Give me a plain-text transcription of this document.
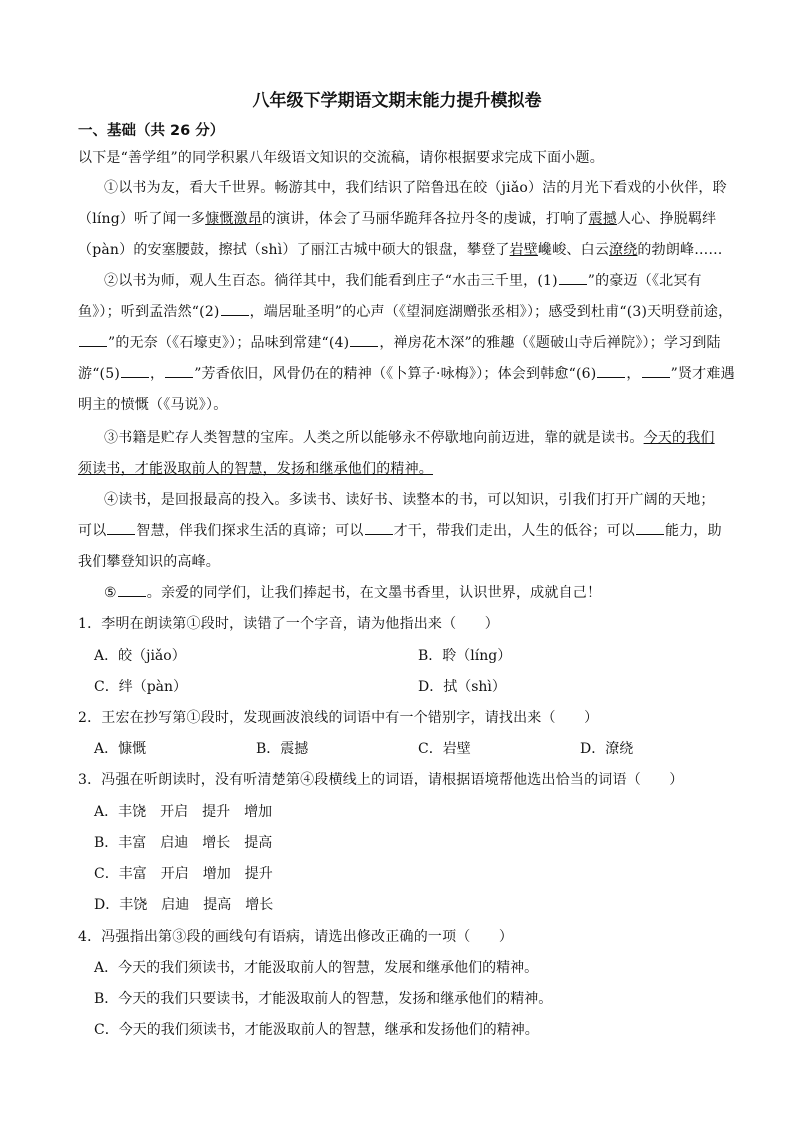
八年级下学期语文期末能力提升模拟卷
一、基础（共 26 分）
以下是“善学组”的同学积累八年级语文知识的交流稿，请你根据要求完成下面小题。
①以书为友，看大千世界。畅游其中，我们结识了陪鲁迅在皎（jiǎo）洁的月光下看戏的小伙伴，聆
（líng）听了闻一多慷慨激昂的演讲，体会了马丽华跪拜各拉丹冬的虔诚，打响了震撼人心、挣脱羁绊
（pàn）的安塞腰鼓，擦拭（shì）了丽江古城中硕大的银盘，攀登了岩壁巉峻、白云潦绕的勃朗峰……
②以书为师，观人生百态。徜徉其中，我们能看到庄子“水击三千里，(1) ”的豪迈（《北冥有
鱼》）；听到孟浩然“(2) ，端居耻圣明”的心声（《望洞庭湖赠张丞相》）；感受到杜甫“(3)天明登前途，
”的无奈（《石壕吏》）；品味到常建“(4) ，禅房花木深”的雅趣（《题破山寺后禅院》）；学习到陆
游“(5) ， ”芳香依旧，风骨仍在的精神（《卜算子·咏梅》）；体会到韩愈“(6) ， ”贤才难遇
明主的愤慨（《马说》）。
③书籍是贮存人类智慧的宝库。人类之所以能够永不停歇地向前迈进，靠的就是读书。今天的我们
须读书，才能汲取前人的智慧，发扬和继承他们的精神。
④读书，是回报最高的投入。多读书、读好书、读整本的书，可以知识，引我们打开广阔的天地；
可以 智慧，伴我们探求生活的真谛；可以 才干，带我们走出，人生的低谷；可以 能力，助
我们攀登知识的高峰。
⑤ 。亲爱的同学们，让我们捧起书，在文墨书香里，认识世界，成就自己！
1．李明在朗读第①段时，读错了一个字音，请为他指出来（　　）
A．皎（jiǎo）	B．聆（líng）
C．绊（pàn）	D．拭（shì）
2．王宏在抄写第①段时，发现画波浪线的词语中有一个错别字，请找出来（　　）
A．慷慨	B．震撼	C．岩壁	D．潦绕
3．冯强在听朗读时，没有听清楚第④段横线上的词语，请根据语境帮他选出恰当的词语（　　）
A．丰饶　开启　提升　增加
B．丰富　启迪　增长　提高
C．丰富　开启　增加　提升
D．丰饶　启迪　提高　增长
4．冯强指出第③段的画线句有语病，请选出修改正确的一项（　　）
A．今天的我们须读书，才能汲取前人的智慧，发展和继承他们的精神。
B．今天的我们只要读书，才能汲取前人的智慧，发扬和继承他们的精神。
C．今天的我们须读书，才能汲取前人的智慧，继承和发扬他们的精神。
